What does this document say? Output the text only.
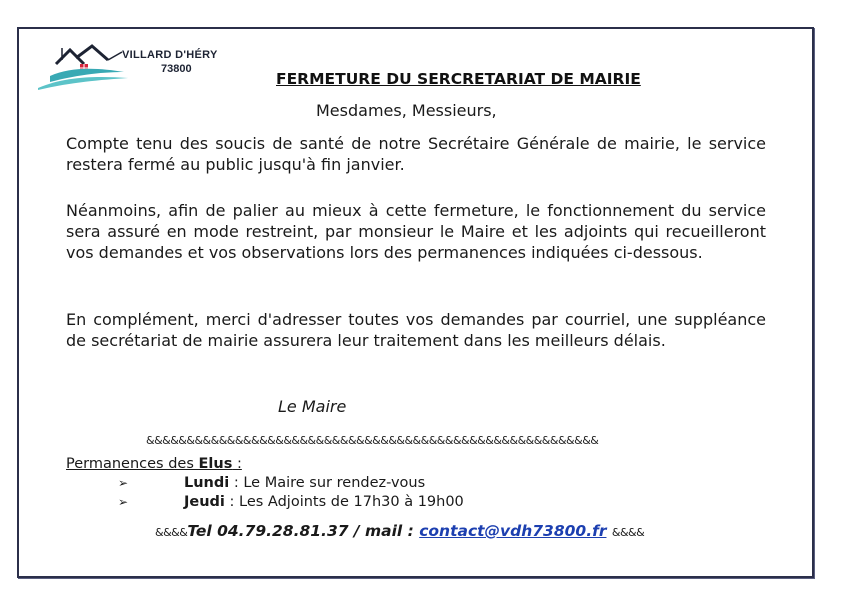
VILLARD D'HÉRY
73800
FERMETURE DU SERCRETARIAT DE MAIRIE
Mesdames, Messieurs,

Compte tenu des soucis de santé de notre Secrétaire Générale de mairie, le service restera fermé au public jusqu'à fin janvier.

Néanmoins, afin de palier au mieux à cette fermeture, le fonctionnement du service sera assuré en mode restreint, par monsieur le Maire et les adjoints qui recueilleront vos demandes et vos observations lors des permanences indiquées ci-dessous.

En complément, merci d'adresser toutes vos demandes par courriel, une suppléance de secrétariat de mairie assurera leur traitement dans les meilleurs délais.

Le Maire
&&&&&&&&&&&&&&&&&&&&&&&&&&&&&&&&&&&&&&&&&&&&&&&&&&&&&&&&
Permanences des Elus :
➢	Lundi : Le Maire sur rendez-vous
➢	Jeudi : Les Adjoints de 17h30 à 19h00
&&&&Tel 04.79.28.81.37 / mail : contact@vdh73800.fr &&&&
